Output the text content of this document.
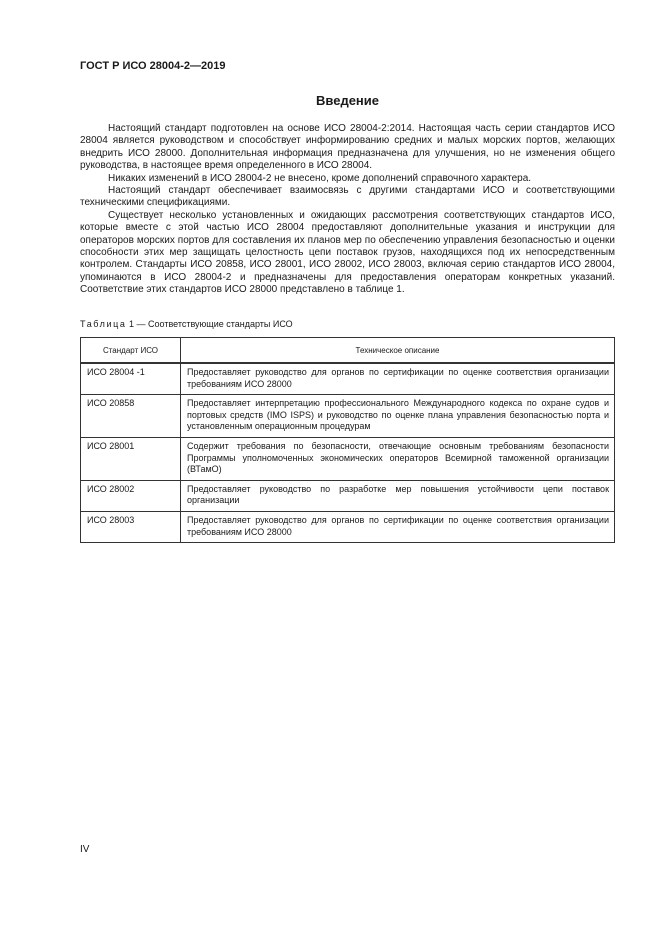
ГОСТ Р ИСО 28004-2—2019
Введение

Настоящий стандарт подготовлен на основе ИСО 28004-2:2014. Настоящая часть серии стандартов ИСО 28004 является руководством и способствует информированию средних и малых морских портов, желающих внедрить ИСО 28000. Дополнительная информация предназначена для улучшения, но не изменения общего руководства, в настоящее время определенного в ИСО 28004.

Никаких изменений в ИСО 28004-2 не внесено, кроме дополнений справочного характера.

Настоящий стандарт обеспечивает взаимосвязь с другими стандартами ИСО и соответствующими техническими спецификациями.

Существует несколько установленных и ожидающих рассмотрения соответствующих стандартов ИСО, которые вместе с этой частью ИСО 28004 предоставляют дополнительные указания и инструкции для операторов морских портов для составления их планов мер по обеспечению управления безопасностью и оценки способности этих мер защищать целостность цепи поставок грузов, находящихся под их непосредственным контролем. Стандарты ИСО 20858, ИСО 28001, ИСО 28002, ИСО 28003, включая серию стандартов ИСО 28004, упоминаются в ИСО 28004-2 и предназначены для предоставления операторам конкретных указаний. Соответствие этих стандартов ИСО 28000 представлено в таблице 1.

Таблица 1 — Соответствующие стандарты ИСО
Стандарт ИСО	Техническое описание
ИСО 28004 -1	Предоставляет руководство для органов по сертификации по оценке соответствия организации требованиям ИСО 28000
ИСО 20858	Предоставляет интерпретацию профессионального Международного кодекса по охране судов и портовых средств (IMO ISPS) и руководство по оценке плана управления безопасностью порта и установленным операционным процедурам
ИСО 28001	Содержит требования по безопасности, отвечающие основным требованиям безопасности Программы уполномоченных экономических операторов Всемирной таможенной организации (ВТамО)
ИСО 28002	Предоставляет руководство по разработке мер повышения устойчивости цепи поставок организации
ИСО 28003	Предоставляет руководство для органов по сертификации по оценке соответствия организации требованиям ИСО 28000
IV
